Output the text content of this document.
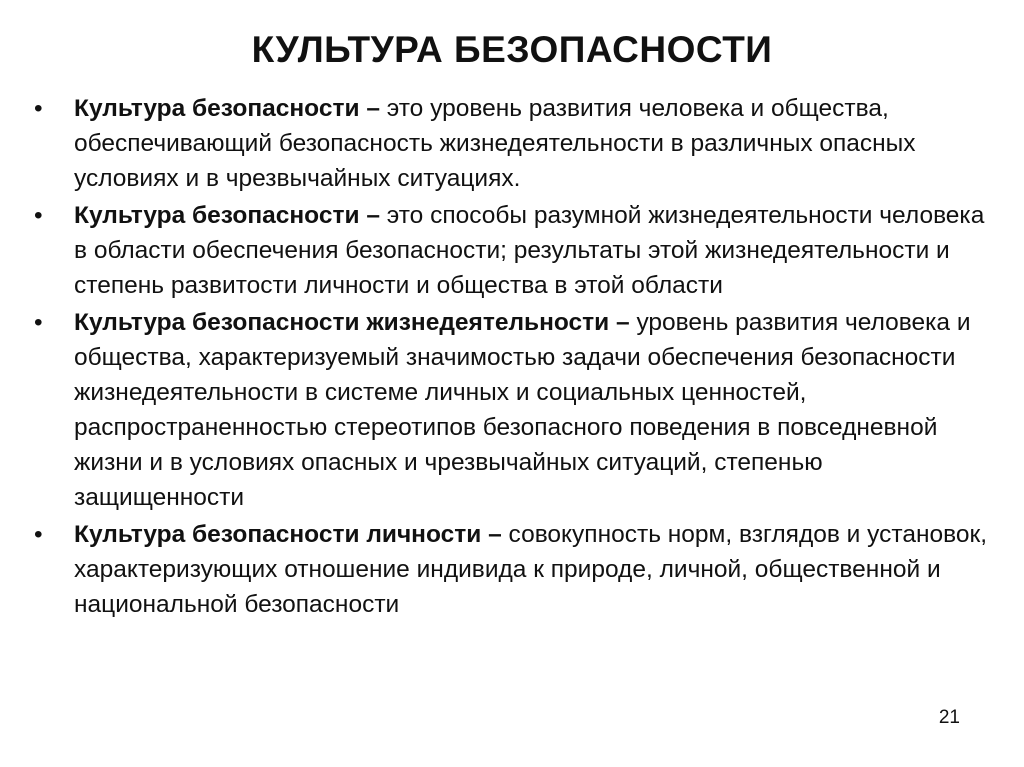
КУЛЬТУРА БЕЗОПАСНОСТИ
•	Культура безопасности – это уровень развития человека и общества, обеспечивающий безопасность жизнедеятельности в различных опасных условиях и в чрезвычайных ситуациях.
•	Культура безопасности – это способы разумной жизнедеятельности человека в области обеспечения безопасности; результаты этой жизнедеятельности и степень развитости личности и общества в этой области
•	Культура безопасности жизнедеятельности – уровень развития человека и общества, характеризуемый значимостью задачи обеспечения безопасности жизнедеятельности в системе личных и социальных ценностей, распространенностью стереотипов безопасного поведения в повседневной жизни и в условиях опасных и чрезвычайных ситуаций, степенью защищенности
•	Культура безопасности личности – совокупность норм, взглядов и установок, характеризующих отношение индивида к природе, личной, общественной и национальной безопасности
21
